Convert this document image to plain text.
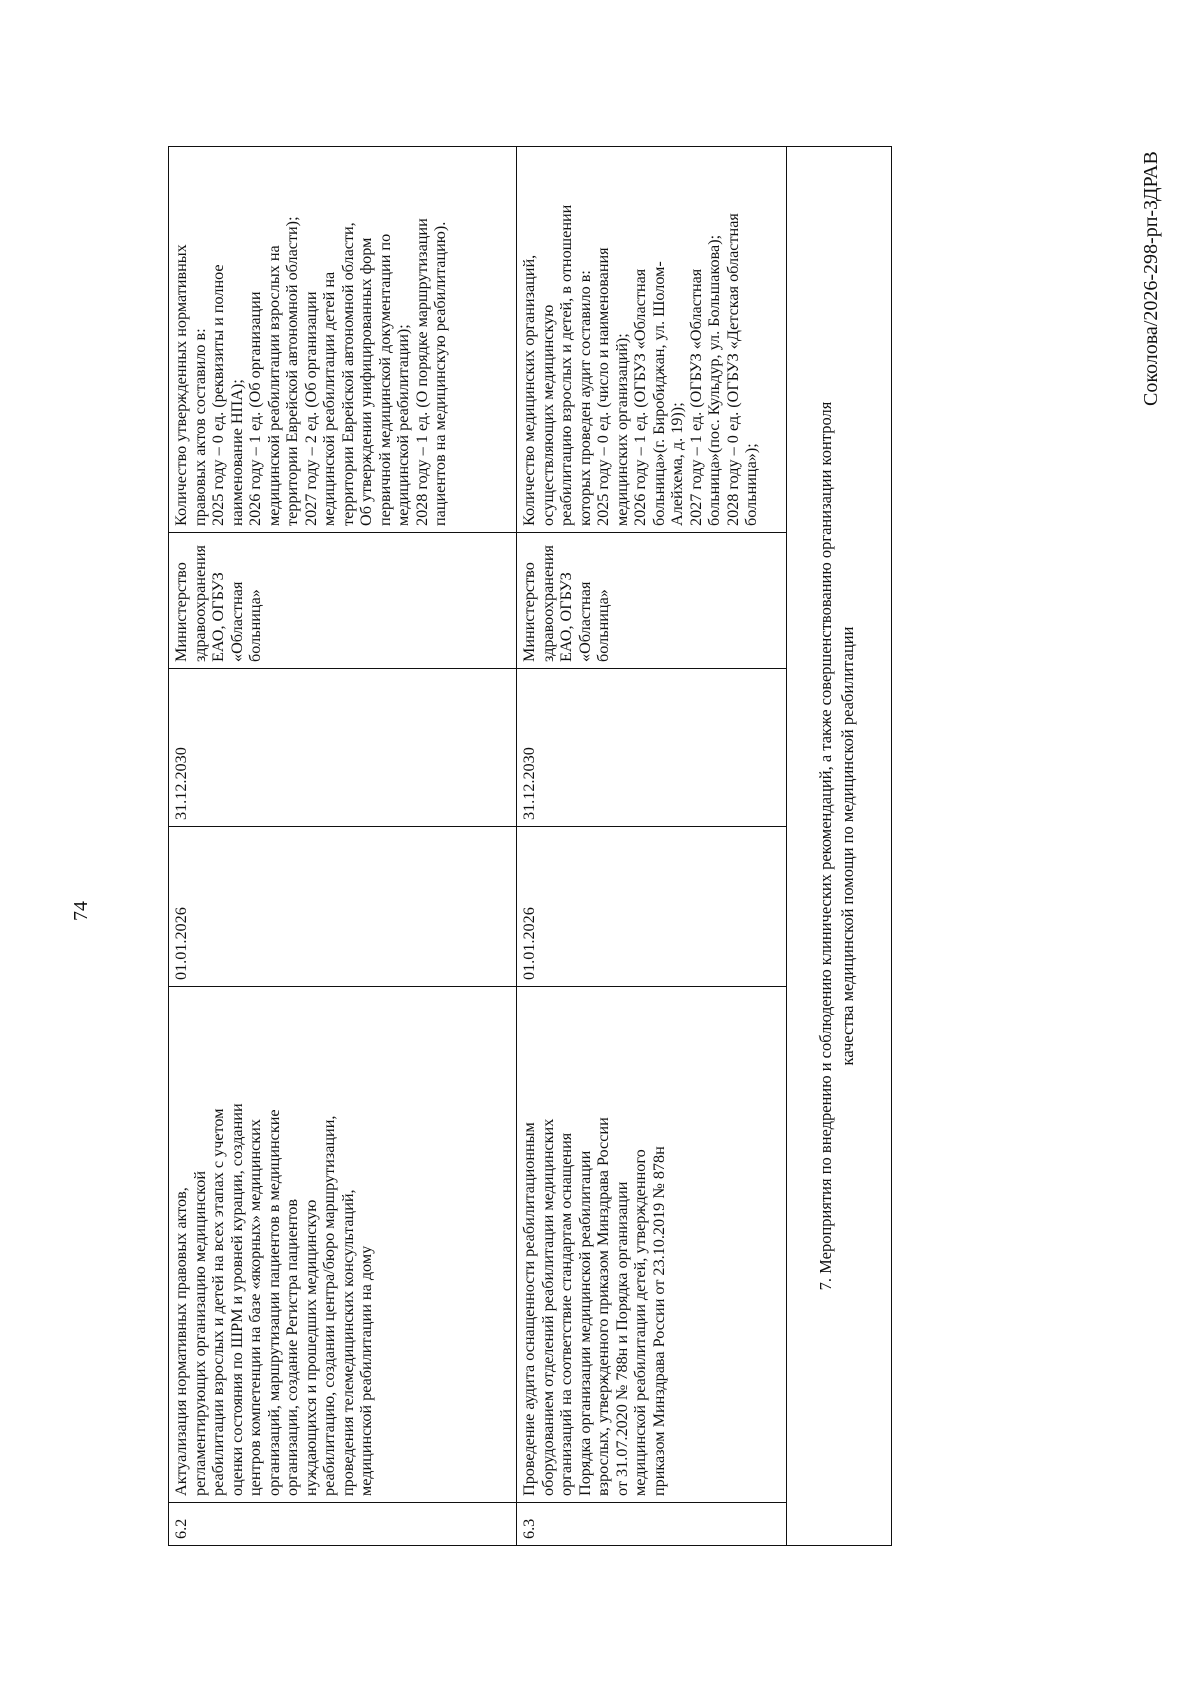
74
6.2
Актуализация нормативных правовых актов, регламентирующих организацию медицинской реабилитации взрослых и детей на всех этапах с учетом оценки состояния по ШРМ и уровней курации, создании центров компетенции на базе «якорных» медицинских организаций, маршрутизации пациентов в медицинские организации, создание Регистра пациентов нуждающихся и прошедших медицинскую реабилитацию, создании центра/бюро маршрутизации, проведения телемедицинских консультаций, медицинской реабилитации на дому
01.01.2026
31.12.2030
Министерство здравоохранения ЕАО, ОГБУЗ «Областная больница»
Количество утвержденных нормативных правовых актов составило в: 2025 году – 0 ед. (реквизиты и полное наименование НПА); 2026 году – 1 ед. (Об организации медицинской реабилитации взрослых на территории Еврейской автономной области); 2027 году – 2 ед. (Об организации медицинской реабилитации детей на территории Еврейской автономной области, Об утверждении унифицированных форм первичной медицинской документации по медицинской реабилитации); 2028 году – 1 ед. (О порядке маршрутизации пациентов на медицинскую реабилитацию).
6.3
Проведение аудита оснащенности реабилитационным оборудованием отделений реабилитации медицинских организаций на соответствие стандартам оснащения Порядка организации медицинской реабилитации взрослых, утвержденного приказом Минздрава России от 31.07.2020 № 788н и Порядка организации медицинской реабилитации детей, утвержденного приказом Минздрава России от 23.10.2019 № 878н
01.01.2026
31.12.2030
Министерство здравоохранения ЕАО, ОГБУЗ «Областная больница»
Количество медицинских организаций, осуществляющих медицинскую реабилитацию взрослых и детей, в отношении которых проведен аудит составило в: 2025 году – 0 ед. (число и наименования медицинских организаций); 2026 году – 1 ед. (ОГБУЗ «Областная больница»(г. Биробиджан, ул. Шолом- Алейхема, д. 19)); 2027 году – 1 ед. (ОГБУЗ «Областная больница»(пос. Кульдур, ул. Большакова); 2028 году – 0 ед. (ОГБУЗ «Детская областная больница»);	7. Мероприятия по внедрению и соблюдению клинических рекомендаций, а также совершенствованию организации контроля качества медицинской помощи по медицинской реабилитации
Соколова/2026-298-рп-ЗДРАВ
